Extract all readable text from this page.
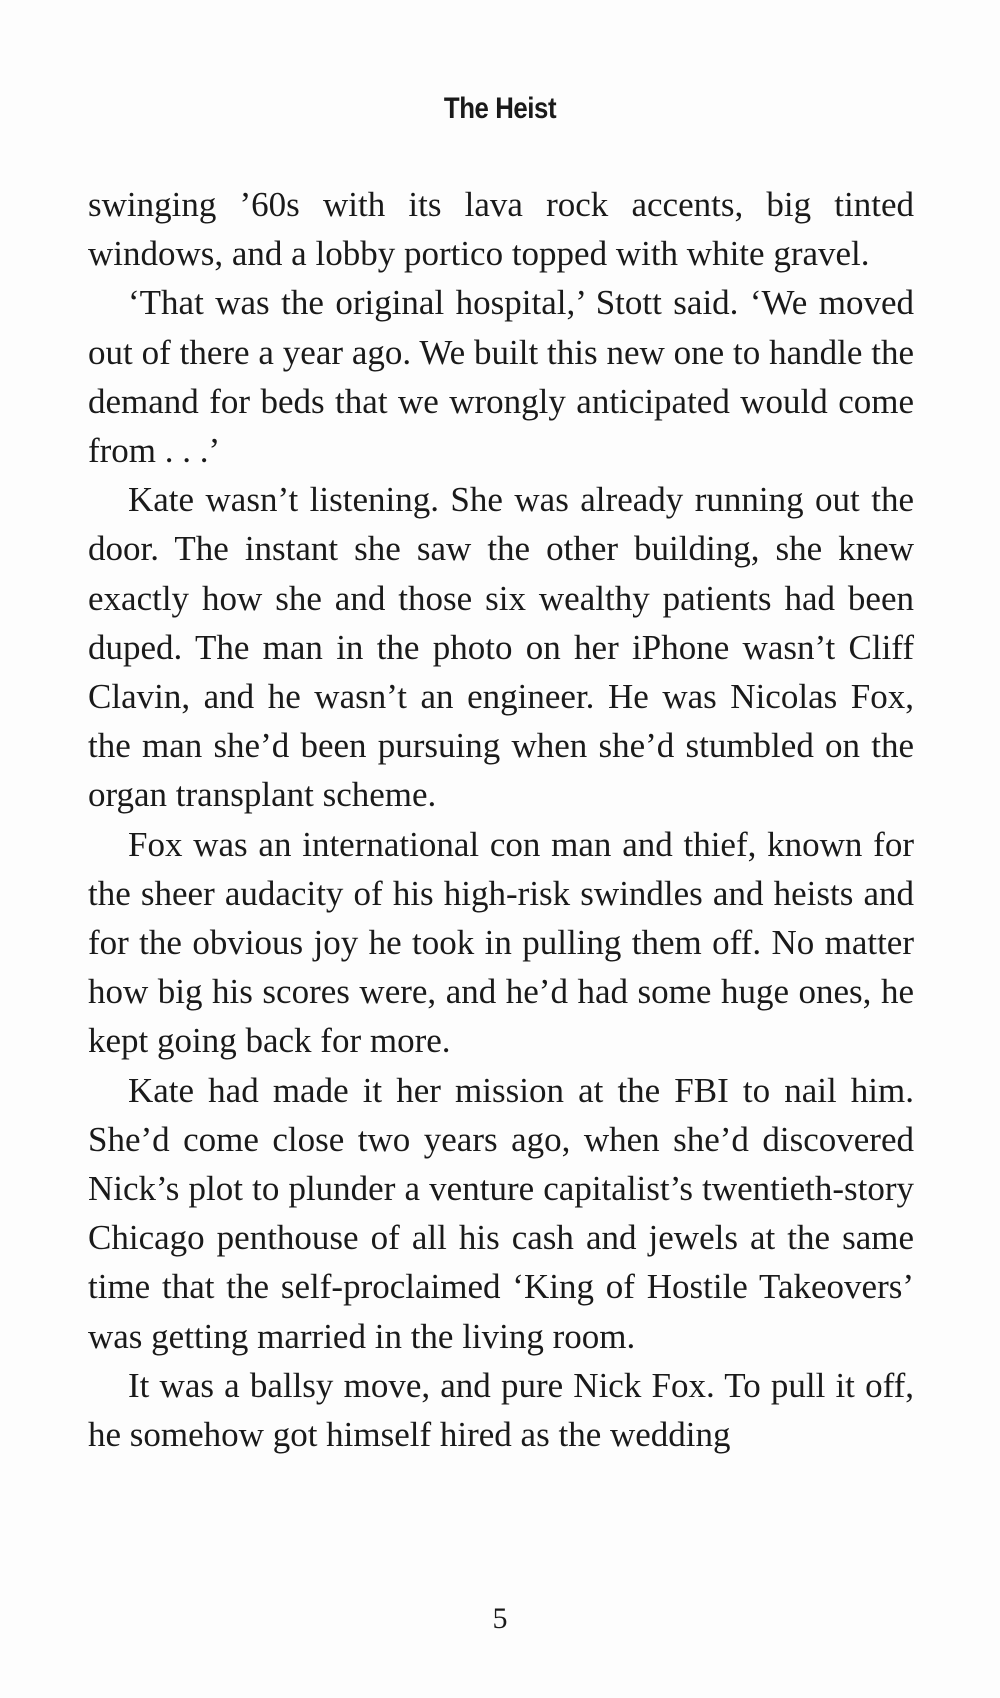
The Heist

swinging ’60s with its lava rock accents, big tinted windows, and a lobby portico topped with white gravel.

‘That was the original hospital,’ Stott said. ‘We moved out of there a year ago. We built this new one to handle the demand for beds that we wrongly anticipated would come from . . .’

Kate wasn’t listening. She was already running out the door. The instant she saw the other building, she knew exactly how she and those six wealthy patients had been duped. The man in the photo on her iPhone wasn’t Cliff Clavin, and he wasn’t an engineer. He was Nicolas Fox, the man she’d been pursuing when she’d stumbled on the organ transplant scheme.

Fox was an international con man and thief, known for the sheer audacity of his high-risk swindles and heists and for the obvious joy he took in pulling them off. No matter how big his scores were, and he’d had some huge ones, he kept going back for more.

Kate had made it her mission at the FBI to nail him. She’d come close two years ago, when she’d discovered Nick’s plot to plunder a venture capitalist’s twentieth-story Chicago penthouse of all his cash and jewels at the same time that the self-proclaimed ‘King of Hostile Takeovers’ was getting married in the living room.

It was a ballsy move, and pure Nick Fox. To pull it off, he somehow got himself hired as the wedding

5
